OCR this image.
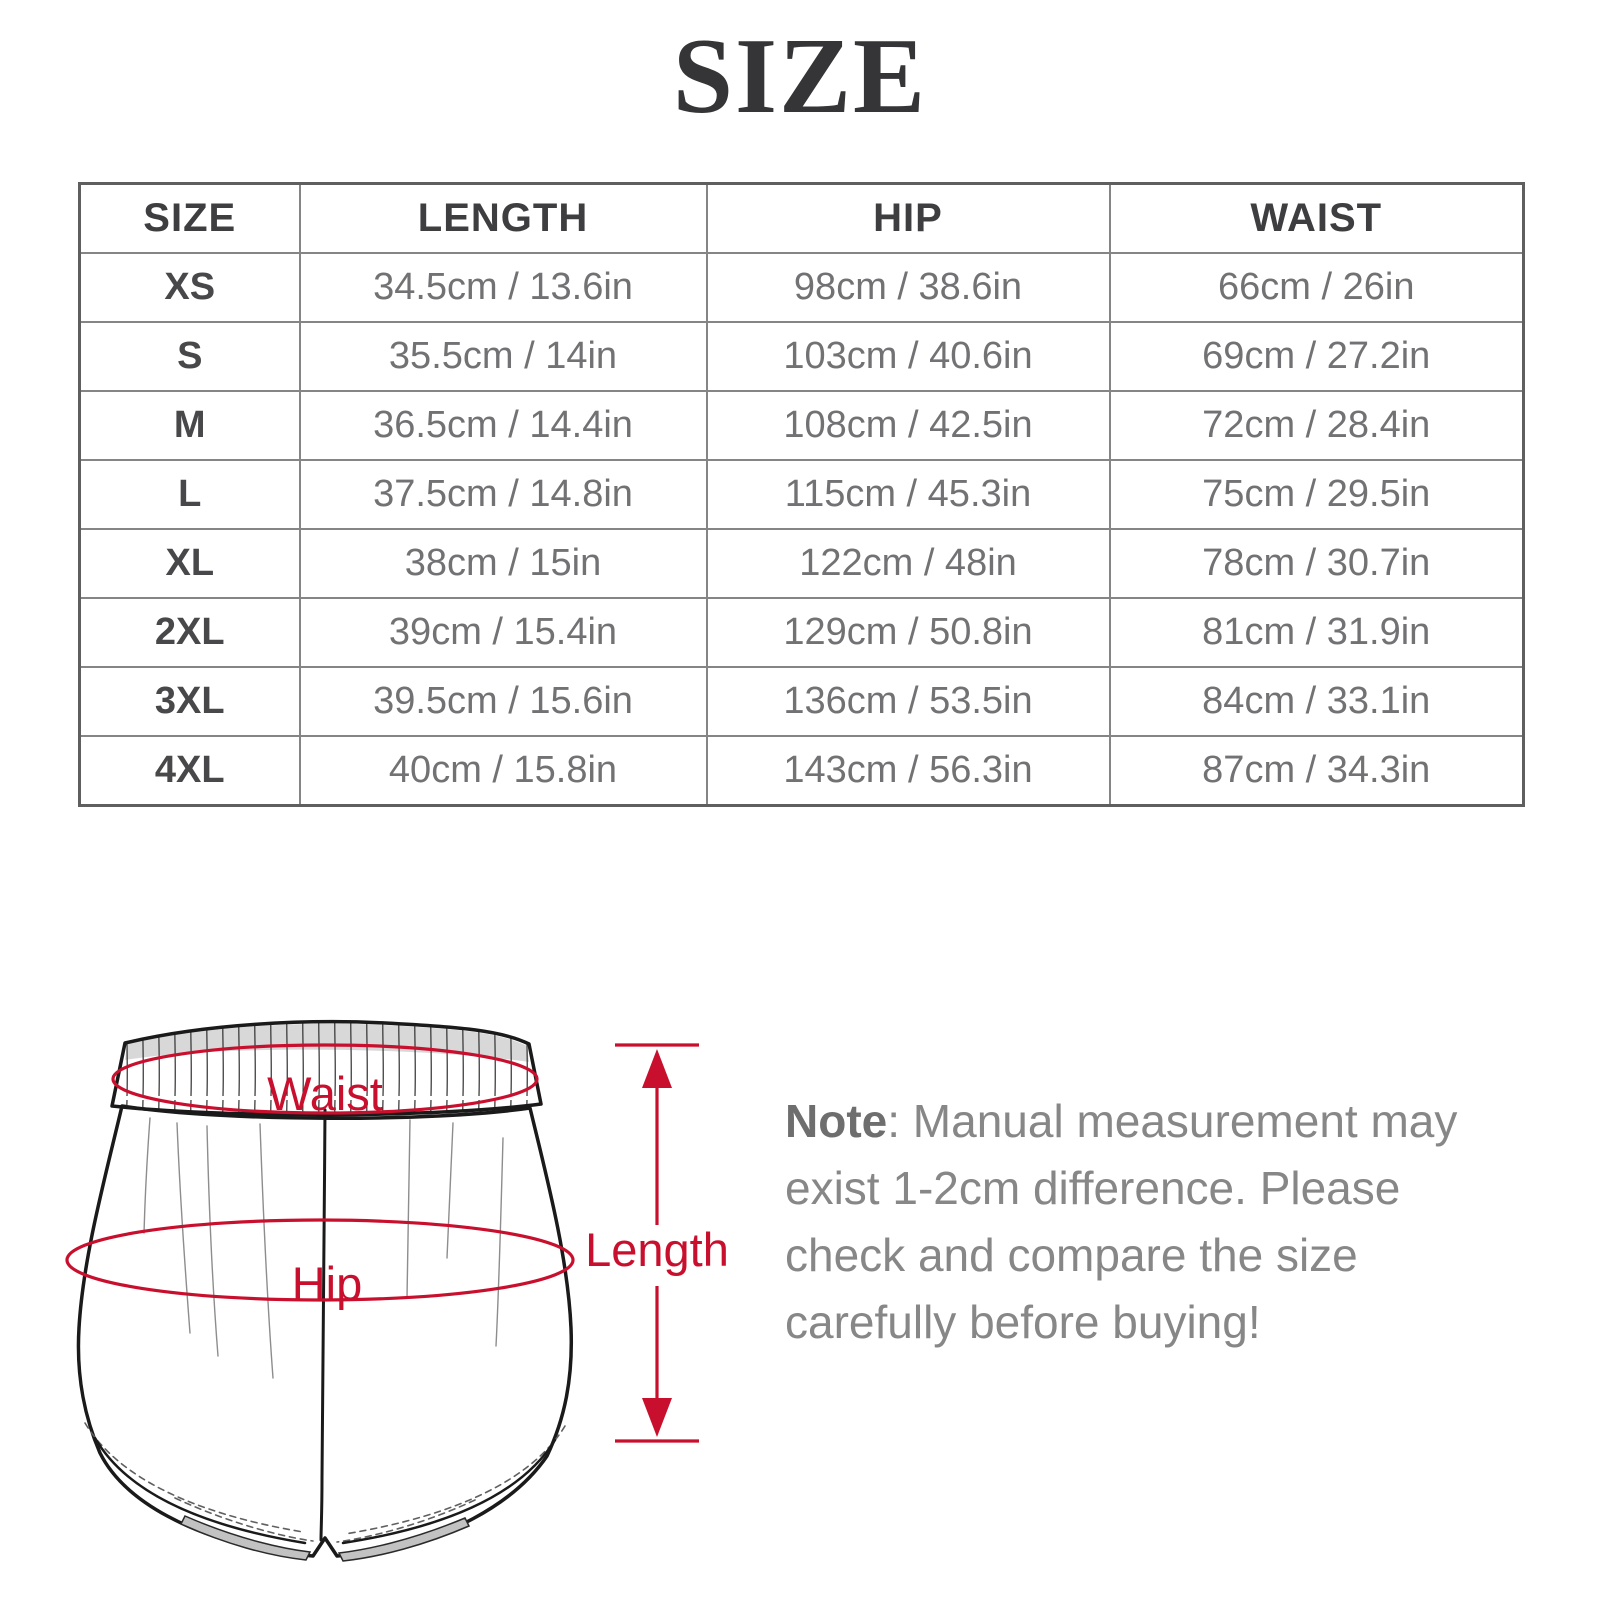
SIZE
SIZE	LENGTH	HIP	WAIST
XS	34.5cm / 13.6in	98cm / 38.6in	66cm / 26in
S	35.5cm / 14in	103cm / 40.6in	69cm / 27.2in
M	36.5cm / 14.4in	108cm / 42.5in	72cm / 28.4in
L	37.5cm / 14.8in	115cm / 45.3in	75cm / 29.5in
XL	38cm / 15in	122cm / 48in	78cm / 30.7in
2XL	39cm / 15.4in	129cm / 50.8in	81cm / 31.9in
3XL	39.5cm / 15.6in	136cm / 53.5in	84cm / 33.1in
4XL	40cm / 15.8in	143cm / 56.3in	87cm / 34.3in
Waist
Hip
Length

Note: Manual measurement may exist 1-2cm difference. Please check and compare the size carefully before buying!
